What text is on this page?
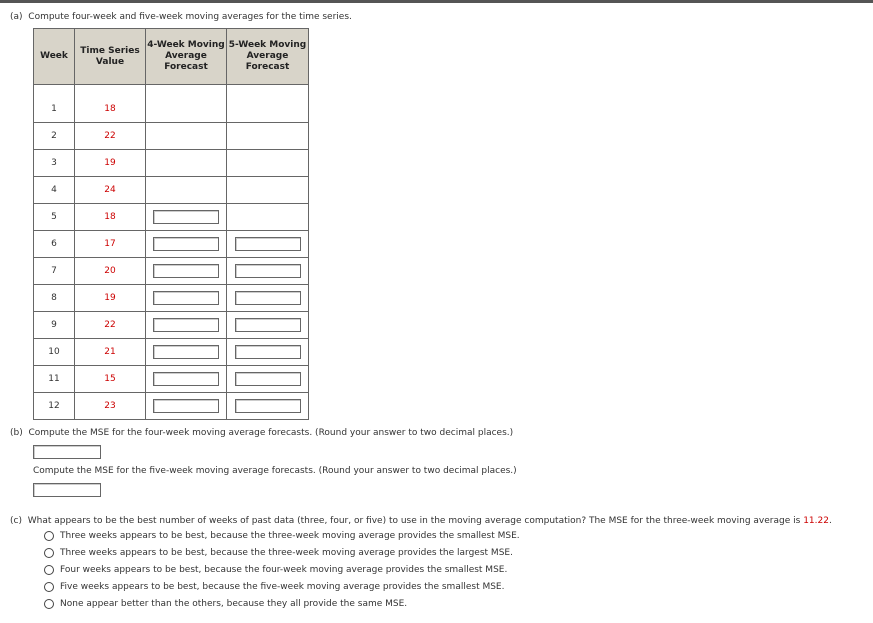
(a) Compute four-week and five-week moving averages for the time series.
Week	Time Series Value	4-Week Moving Average Forecast	5-Week Moving Average Forecast
1	18		
2	22		
3	19		
4	24		
5	18	

6	17	

7	20	

8	19	

9	22	

10	21	

11	15	

12	23	

(b) Compute the MSE for the four-week moving average forecasts. (Round your answer to two decimal places.)
Compute the MSE for the five-week moving average forecasts. (Round your answer to two decimal places.)
(c) What appears to be the best number of weeks of past data (three, four, or five) to use in the moving average computation? The MSE for the three-week moving average is 11.22.
Three weeks appears to be best, because the three-week moving average provides the smallest MSE.
Three weeks appears to be best, because the three-week moving average provides the largest MSE.
Four weeks appears to be best, because the four-week moving average provides the smallest MSE.
Five weeks appears to be best, because the five-week moving average provides the smallest MSE.
None appear better than the others, because they all provide the same MSE.
